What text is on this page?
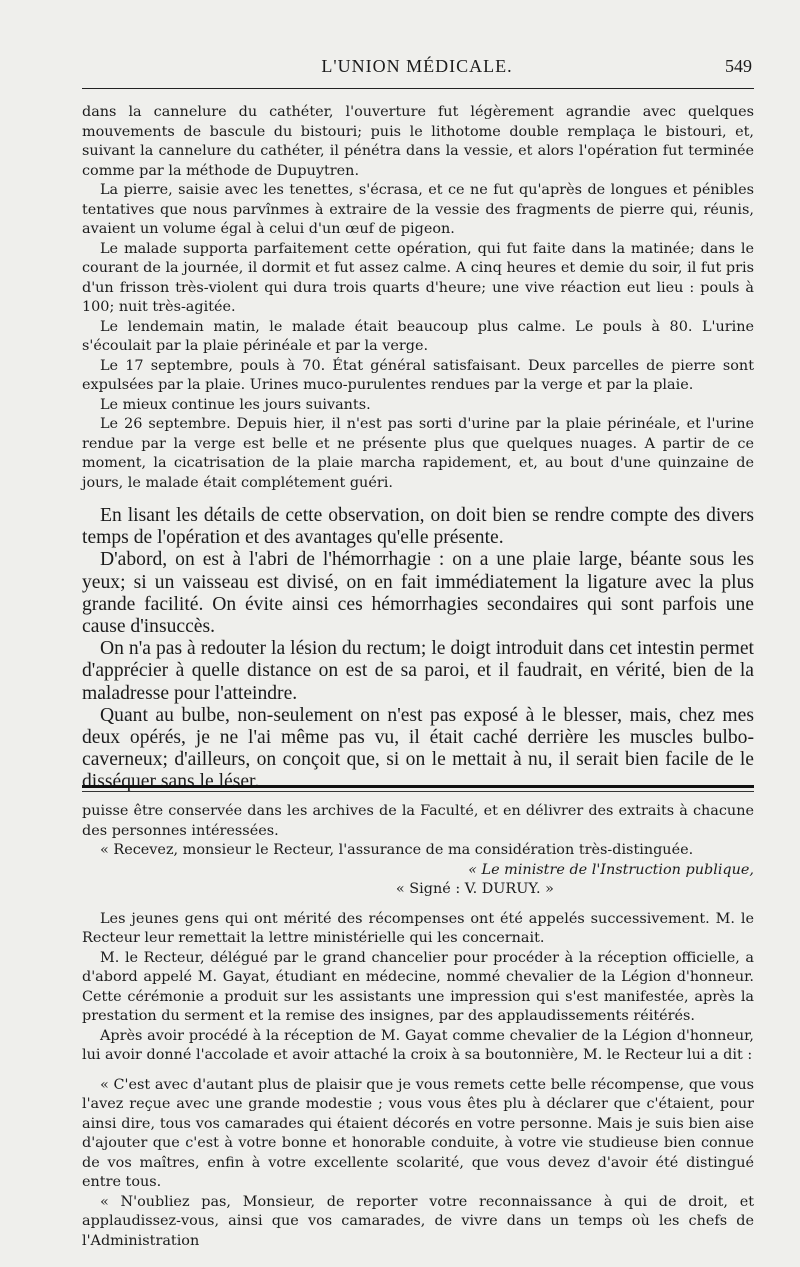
L'UNION MÉDICALE.	549

dans la cannelure du cathéter, l'ouverture fut légèrement agrandie avec quelques mouvements de bascule du bistouri; puis le lithotome double remplaça le bistouri, et, suivant la cannelure du cathéter, il pénétra dans la vessie, et alors l'opération fut terminée comme par la méthode de Dupuytren.

La pierre, saisie avec les tenettes, s'écrasa, et ce ne fut qu'après de longues et pénibles tentatives que nous parvînmes à extraire de la vessie des fragments de pierre qui, réunis, avaient un volume égal à celui d'un œuf de pigeon.

Le malade supporta parfaitement cette opération, qui fut faite dans la matinée; dans le courant de la journée, il dormit et fut assez calme. A cinq heures et demie du soir, il fut pris d'un frisson très-violent qui dura trois quarts d'heure; une vive réaction eut lieu : pouls à 100; nuit très-agitée.

Le lendemain matin, le malade était beaucoup plus calme. Le pouls à 80. L'urine s'écoulait par la plaie périnéale et par la verge.

Le 17 septembre, pouls à 70. État général satisfaisant. Deux parcelles de pierre sont expulsées par la plaie. Urines muco-purulentes rendues par la verge et par la plaie.

Le mieux continue les jours suivants.

Le 26 septembre. Depuis hier, il n'est pas sorti d'urine par la plaie périnéale, et l'urine rendue par la verge est belle et ne présente plus que quelques nuages. A partir de ce moment, la cicatrisation de la plaie marcha rapidement, et, au bout d'une quinzaine de jours, le malade était complétement guéri.

En lisant les détails de cette observation, on doit bien se rendre compte des divers temps de l'opération et des avantages qu'elle présente.

D'abord, on est à l'abri de l'hémorrhagie : on a une plaie large, béante sous les yeux; si un vaisseau est divisé, on en fait immédiatement la ligature avec la plus grande facilité. On évite ainsi ces hémorrhagies secondaires qui sont parfois une cause d'insuccès.

On n'a pas à redouter la lésion du rectum; le doigt introduit dans cet intestin permet d'apprécier à quelle distance on est de sa paroi, et il faudrait, en vérité, bien de la maladresse pour l'atteindre.

Quant au bulbe, non-seulement on n'est pas exposé à le blesser, mais, chez mes deux opérés, je ne l'ai même pas vu, il était caché derrière les muscles bulbo-caverneux; d'ailleurs, on conçoit que, si on le mettait à nu, il serait bien facile de le disséquer sans le léser.

puisse être conservée dans les archives de la Faculté, et en délivrer des extraits à chacune des personnes intéressées.

« Recevez, monsieur le Recteur, l'assurance de ma considération très-distinguée.

« Le ministre de l'Instruction publique,

« Signé : V. DURUY. »

Les jeunes gens qui ont mérité des récompenses ont été appelés successivement. M. le Recteur leur remettait la lettre ministérielle qui les concernait.

M. le Recteur, délégué par le grand chancelier pour procéder à la réception officielle, a d'abord appelé M. Gayat, étudiant en médecine, nommé chevalier de la Légion d'honneur. Cette cérémonie a produit sur les assistants une impression qui s'est manifestée, après la prestation du serment et la remise des insignes, par des applaudissements réitérés.

Après avoir procédé à la réception de M. Gayat comme chevalier de la Légion d'honneur, lui avoir donné l'accolade et avoir attaché la croix à sa boutonnière, M. le Recteur lui a dit :

« C'est avec d'autant plus de plaisir que je vous remets cette belle récompense, que vous l'avez reçue avec une grande modestie ; vous vous êtes plu à déclarer que c'étaient, pour ainsi dire, tous vos camarades qui étaient décorés en votre personne. Mais je suis bien aise d'ajouter que c'est à votre bonne et honorable conduite, à votre vie studieuse bien connue de vos maîtres, enfin à votre excellente scolarité, que vous devez d'avoir été distingué entre tous.

« N'oubliez pas, Monsieur, de reporter votre reconnaissance à qui de droit, et applaudissez-vous, ainsi que vos camarades, de vivre dans un temps où les chefs de l'Administration
